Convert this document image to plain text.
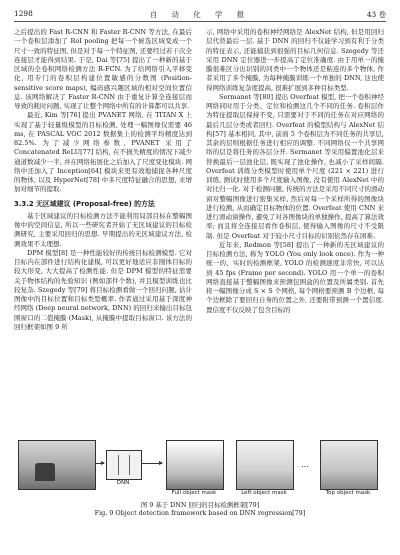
1298	自 动 化 学 报	43 卷

之后提出的 Fast R-CNN 和 Faster R-CNN 等方法, 在最后一个卷积层添加了 RoI pooling 把每一个候选区域变成一个尺寸一致的特征图, 但是对于每一个特征图, 还要经过若干次全连接层才能得到结果. 于是, Dai 等[75] 提出了一种新的基于区域的全卷积网络检测方法 R-FCN. 为了给网络引入平移变化, 用专门的卷积层构建位置敏感的分数图 (Position-sensitive score maps), 编码感兴趣区域的相对空间位置信息. 该网络解决了 Faster R-CNN 由于重复计算全连接层而导致的耗时问题, 实现了让整个网络中所有的计算都可以共享.

最近, Kim 等[76] 提出 PVANET 网络, 在 TITAN X 上实现了基于轻量级模型的目标检测, 处理一幅图像仅需要 46 ms, 在 PASCAL VOC 2012 数据集上的检测平均精度达到 82.5%. 为了减少网络参数, PVANET 采用了 Concatenated ReLU[77] 结构, 在不损失精度的情况下减少通道数减少一半, 并在网络拓展化之后加入了尺度变化模块. 网络中还加入了 Inception[64] 模块来更有效地捕捉各种尺度的物体, 以及 HyperNet[78] 中多尺度特征融合的思想, 来增加对细节的提取.

3.3.2 无区域建议 (Proposal-free) 的方法

基于区域建议的目标检测方法不能利用局部目标在整幅图像中的空间信息, 所以一些研究者开始了无区域建议的目标检测研究, 主要采用回归的思想. 早期提出的无区域建议方法, 检测效果不太理想.

DPM 模型[8] 是一种性能较好的传统目标检测模型. 它对目标内在部件进行结构化建模, 可以更好地适应非刚体目标的较大形变, 大大提高了检测性能. 但是 DPM 模型的特征需要关于物体结构的先验知识 (例如部件个数), 并且模型训练也比较复杂. Szegedy 等[79] 将目标检测看做一个回归问题, 估计图像中的目标位置和目标类型概率. 作者通过采用基于深度神经网络 (Deep neural network, DNN) 的回归来输出目标包围窗口的二值掩膜 (Mask), 从掩膜中提取目标窗口. 该方法的回归框架如图 9 所

示, 网络中采用的卷积神经网络是 AlexNet 结构, 但是用回归层代替最后一层. 基于 DNN 的回归不仅能学习到有利于分类的特征表示, 还能捕获到很强的目标几何信息. Szegedy 等还采用 DNN 定位器进一步提高了定位准确度. 由于用单一的掩膜很难区分出识别的同类中一个物体还是粘连的多个物体, 作者采用了多个掩膜, 为每种掩膜训练一个单独的 DNN, 这也使得网络训练复杂度提高, 很难扩展到多种目标类型.

Sermanet 等[80] 提出 Overfeat 模型, 把一个卷积神经网络同时用于分类、定位和检测这几个不同的任务. 卷积层作为特征提取层保持不变, 只需要对于不同的任务在对应网络的最后几层分类或者回归. Overfeat 的模型结构与 AlexNet 结构[57] 基本相同, 其中, 前面 5 个卷积层为不同任务的共享层, 其余的层则根据任务进行相应的调整. 不同网络仅一个共享网络的层是将任务的各层分开. Sermanet 等采用偏置池化层来替换最后一层池化层, 既实现了池化操作, 也减小了采样间隔. Overfeat 训练分类模型时使用单个尺度 (221 × 221) 进行训练, 测试时使用多个尺度输入图像, 没有使用 AlexNet 中的对比归一化. 对于检测问题, 传统的方法是采用不同尺寸的滑动窗对整幅图像进行密集采样, 然后对每一个采样所得的图像块进行检测, 从而确定目标物体的位置. Overfeat 使用 CNN 来进行滑动窗操作, 避免了对各图像块的单独操作, 提高了算法效率; 而且将全连接层看作卷积层, 使得输入图像的尺寸不受限制. 但是 Overfeat 对于较小尺寸目标的识别依然存在困难.

近年来, Redmon 等[58] 提出了一种新的无区域建议的目标检测方法, 称为 YOLO (You only look once). 作为一种统一的、实时的检测框架, YOLO 的检测速度非常快, 可以达到 45 fps (Frame per second). YOLO 用一个单一的卷积网络直接基于整幅图像来预测包围盒的位置及所属类别. 首先将一幅图像分成 S × S 个网格, 每个网格要预测 B 个边框, 每个边框除了要回归自身的位置之外, 还要附带预测一个置信度. 置信度不仅反映了包含目标的

DNN
Full object mask	Left object mask
…
Top object mask
图 9 基于 DNN 回归的目标检测框架[79]
Fig. 9 Object detection framework based on DNN regression[79]
